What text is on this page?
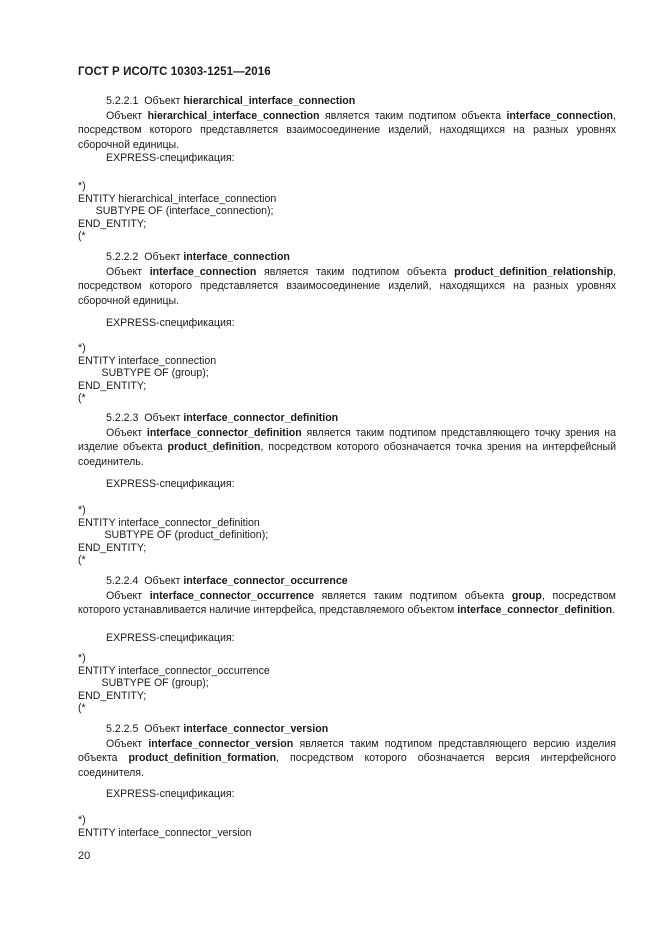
ГОСТ Р ИСО/ТС 10303-1251—2016

5.2.2.1 Объект hierarchical_interface_connection

Объект hierarchical_interface_connection является таким подтипом объекта interface_connection, посредством которого представляется взаимосоединение изделий, находящихся на разных уровнях сборочной единицы.

EXPRESS-спецификация:
*)
ENTITY hierarchical_interface_connection
SUBTYPE OF (interface_connection);
END_ENTITY;
(*

5.2.2.2 Объект interface_connection

Объект interface_connection является таким подтипом объекта product_definition_relationship, посредством которого представляется взаимосоединение изделий, находящихся на разных уровнях сборочной единицы.

EXPRESS-спецификация:
*)
ENTITY interface_connection
SUBTYPE OF (group);
END_ENTITY;
(*

5.2.2.3 Объект interface_connector_definition

Объект interface_connector_definition является таким подтипом представляющего точку зрения на изделие объекта product_definition, посредством которого обозначается точка зрения на интерфейсный соединитель.

EXPRESS-спецификация:
*)
ENTITY interface_connector_definition
SUBTYPE OF (product_definition);
END_ENTITY;
(*

5.2.2.4 Объект interface_connector_occurrence

Объект interface_connector_occurrence является таким подтипом объекта group, посредством которого устанавливается наличие интерфейса, представляемого объектом interface_connector_definition.

EXPRESS-спецификация:
*)
ENTITY interface_connector_occurrence
SUBTYPE OF (group);
END_ENTITY;
(*

5.2.2.5 Объект interface_connector_version

Объект interface_connector_version является таким подтипом представляющего версию изделия объекта product_definition_formation, посредством которого обозначается версия интерфейсного соединителя.

EXPRESS-спецификация:
*)
ENTITY interface_connector_version
20
